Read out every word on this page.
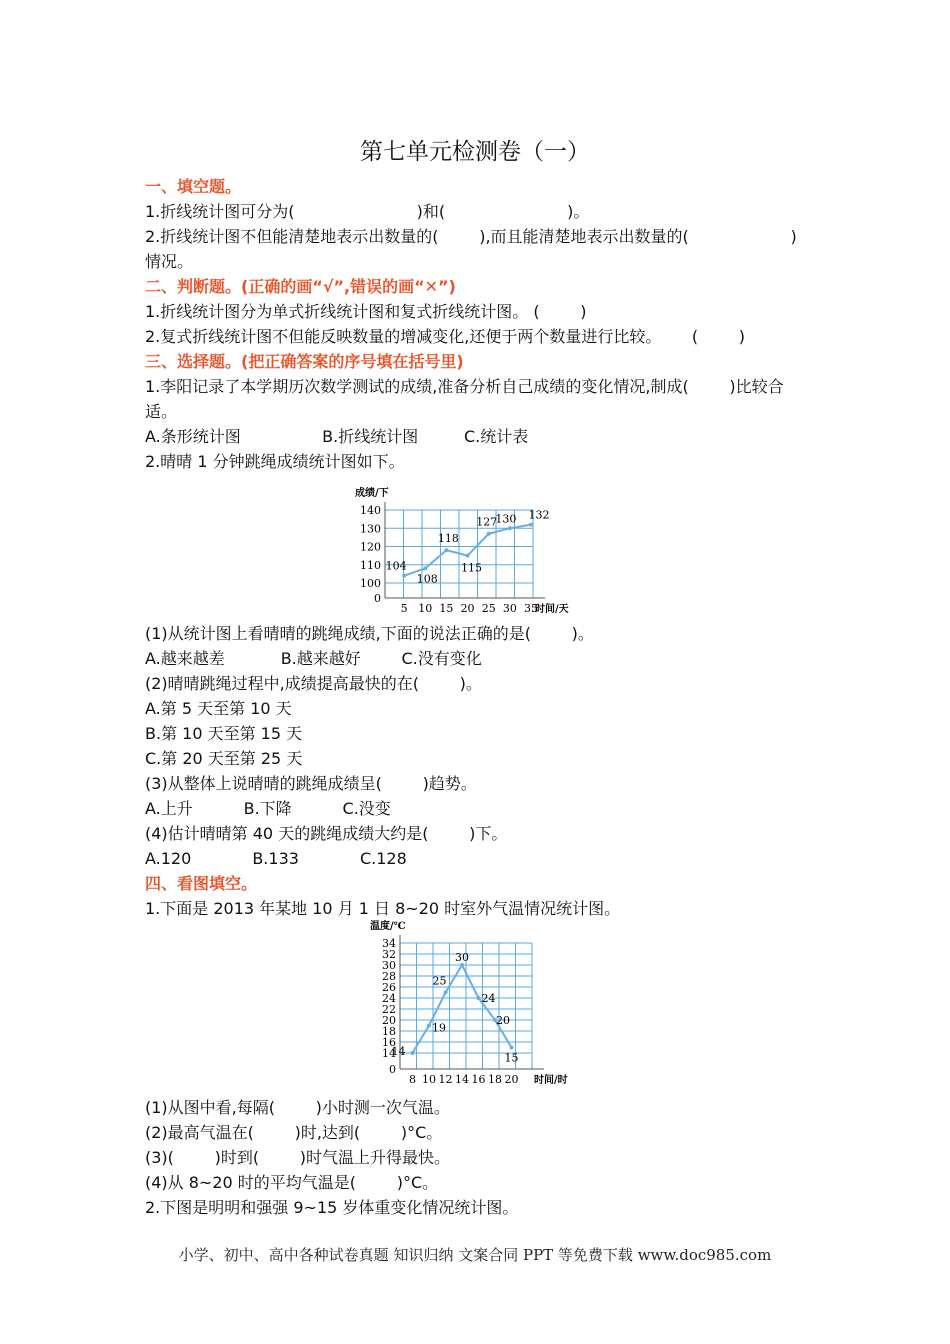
第七单元检测卷（一）
一、填空题。
1.折线统计图可分为(                        )和(                        )。
2.折线统计图不但能清楚地表示出数量的(        ),而且能清楚地表示出数量的(                    )
情况。
二、判断题。(正确的画“√”,错误的画“✕”)
1.折线统计图分为单式折线统计图和复式折线统计图。 (        )
2.复式折线统计图不但能反映数量的增减变化,还便于两个数量进行比较。      (        )
三、选择题。(把正确答案的序号填在括号里)
1.李阳记录了本学期历次数学测试的成绩,准备分析自己成绩的变化情况,制成(        )比较合
适。
A.条形统计图                B.折线统计图         C.统计表
2.晴晴 1 分钟跳绳成绩统计图如下。
(1)从统计图上看晴晴的跳绳成绩,下面的说法正确的是(        )。
A.越来越差           B.越来越好        C.没有变化
(2)晴晴跳绳过程中,成绩提高最快的在(        )。
A.第 5 天至第 10 天
B.第 10 天至第 15 天
C.第 20 天至第 25 天
(3)从整体上说晴晴的跳绳成绩呈(        )趋势。
A.上升          B.下降          C.没变
(4)估计晴晴第 40 天的跳绳成绩大约是(        )下。
A.120            B.133            C.128
四、看图填空。
1.下面是 2013 年某地 10 月 1 日 8~20 时室外气温情况统计图。
(1)从图中看,每隔(        )小时测一次气温。
(2)最高气温在(        )时,达到(        )°C。
(3)(        )时到(        )时气温上升得最快。
(4)从 8~20 时的平均气温是(        )°C。
2.下图是明明和强强 9~15 岁体重变化情况统计图。
成绩/下
0
100
110
120
130
140
5 10 15 20 25 30 35
时间/天
104
108
118
115
127
130 132
温度/℃
0
14
16
18
20
22
24
26
28
30
32
34
8 10 12 14 16 18 20 时间/时
14
19
25
30
24
20
15
小学、初中、高中各种试卷真题 知识归纳 文案合同 PPT 等免费下载 www.doc985.com
